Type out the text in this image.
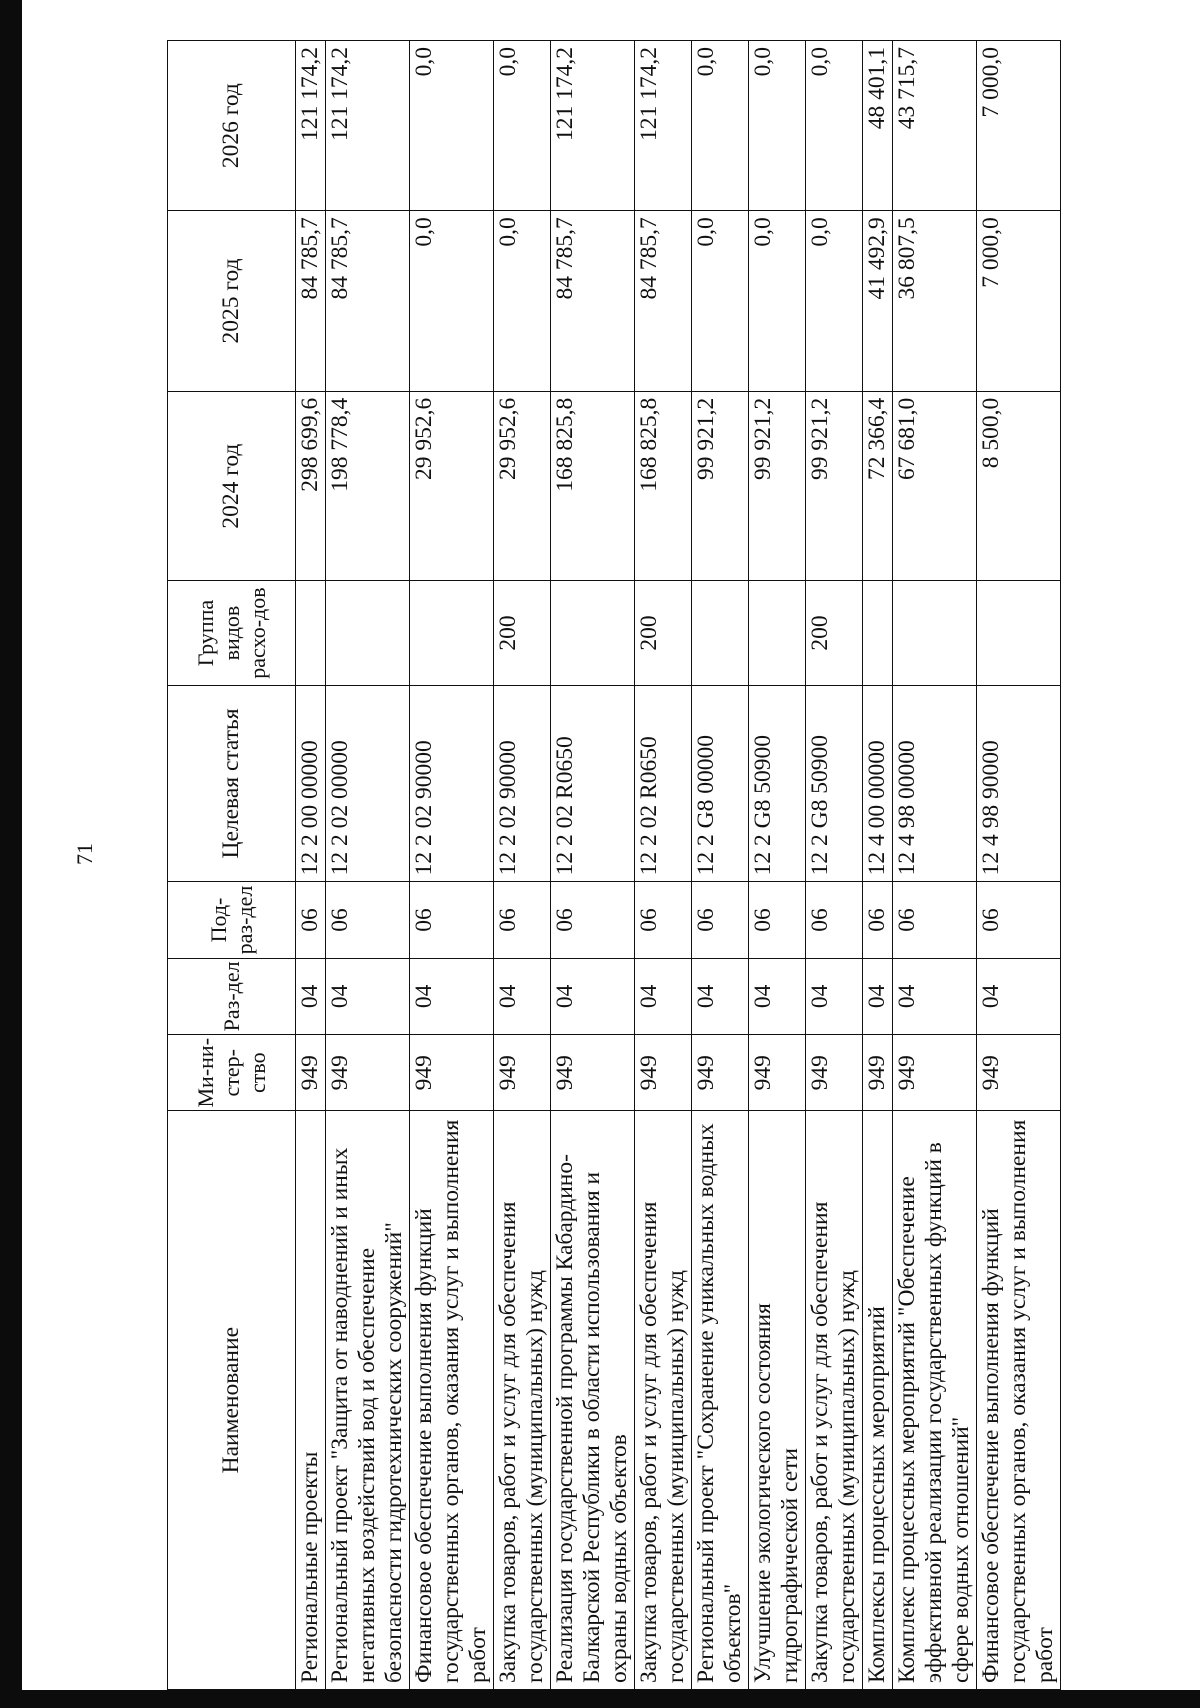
71
Наименование	Ми-ни-стер-ство	Раз-дел	Под-раз-дел	Целевая статья	Группа видов расхо-дов	2024 год	2025 год	2026 год
Региональные проекты	949	04	06	12 2 00 00000		298 699,6	84 785,7	121 174,2
Региональный проект "Защита от наводнений и иных негативных воздействий вод и обеспечение безопасности гидротехнических сооружений"	949	04	06	12 2 02 00000		198 778,4	84 785,7	121 174,2
Финансовое обеспечение выполнения функций государственных органов, оказания услуг и выполнения работ	949	04	06	12 2 02 90000		29 952,6	0,0	0,0
Закупка товаров, работ и услуг для обеспечения государственных (муниципальных) нужд	949	04	06	12 2 02 90000	200	29 952,6	0,0	0,0
Реализация государственной программы Кабардино-Балкарской Республики в области использования и охраны водных объектов	949	04	06	12 2 02 R0650		168 825,8	84 785,7	121 174,2
Закупка товаров, работ и услуг для обеспечения государственных (муниципальных) нужд	949	04	06	12 2 02 R0650	200	168 825,8	84 785,7	121 174,2
Региональный проект "Сохранение уникальных водных объектов"	949	04	06	12 2 G8 00000		99 921,2	0,0	0,0
Улучшение экологического состояния гидрографической сети	949	04	06	12 2 G8 50900		99 921,2	0,0	0,0
Закупка товаров, работ и услуг для обеспечения государственных (муниципальных) нужд	949	04	06	12 2 G8 50900	200	99 921,2	0,0	0,0
Комплексы процессных мероприятий	949	04	06	12 4 00 00000		72 366,4	41 492,9	48 401,1
Комплекс процессных мероприятий "Обеспечение эффективной реализации государственных функций в сфере водных отношений"	949	04	06	12 4 98 00000		67 681,0	36 807,5	43 715,7
Финансовое обеспечение выполнения функций государственных органов, оказания услуг и выполнения работ	949	04	06	12 4 98 90000		8 500,0	7 000,0	7 000,0
